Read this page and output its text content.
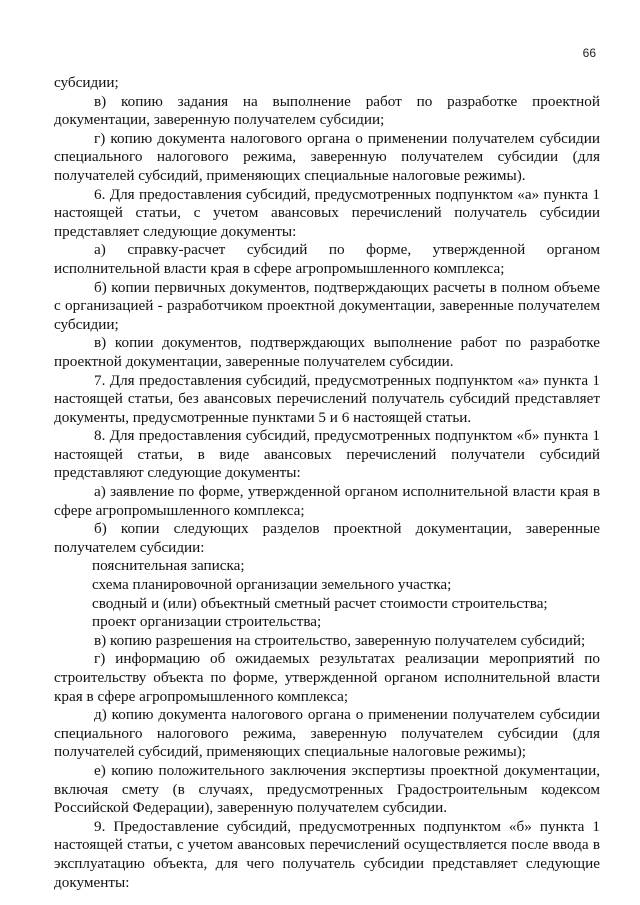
66

субсидии;

в) копию задания на выполнение работ по разработке проектной документации, заверенную получателем субсидии;

г) копию документа налогового органа о применении получателем субсидии специального налогового режима, заверенную получателем субсидии (для получателей субсидий, применяющих специальные налоговые режимы).

6. Для предоставления субсидий, предусмотренных подпунктом «а» пункта 1 настоящей статьи, с учетом авансовых перечислений получатель субсидии представляет следующие документы:

а) справку-расчет субсидий по форме, утвержденной органом исполнительной власти края в сфере агропромышленного комплекса;

б) копии первичных документов, подтверждающих расчеты в полном объеме с организацией - разработчиком проектной документации, заверенные получателем субсидии;

в) копии документов, подтверждающих выполнение работ по разработке проектной документации, заверенные получателем субсидии.

7. Для предоставления субсидий, предусмотренных подпунктом «а» пункта 1 настоящей статьи, без авансовых перечислений получатель субсидий представляет документы, предусмотренные пунктами 5 и 6 настоящей статьи.

8. Для предоставления субсидий, предусмотренных подпунктом «б» пункта 1 настоящей статьи, в виде авансовых перечислений получатели субсидий представляют следующие документы:

а) заявление по форме, утвержденной органом исполнительной власти края в сфере агропромышленного комплекса;

б) копии следующих разделов проектной документации, заверенные получателем субсидии:

пояснительная записка;

схема планировочной организации земельного участка;

сводный и (или) объектный сметный расчет стоимости строительства;

проект организации строительства;

в) копию разрешения на строительство, заверенную получателем субсидий;

г) информацию об ожидаемых результатах реализации мероприятий по строительству объекта по форме, утвержденной органом исполнительной власти края в сфере агропромышленного комплекса;

д) копию документа налогового органа о применении получателем субсидии специального налогового режима, заверенную получателем субсидии (для получателей субсидий, применяющих специальные налоговые режимы);

е) копию положительного заключения экспертизы проектной документации, включая смету (в случаях, предусмотренных Градостроительным кодексом Российской Федерации), заверенную получателем субсидии.

9. Предоставление субсидий, предусмотренных подпунктом «б» пункта 1 настоящей статьи, с учетом авансовых перечислений осуществляется после ввода в эксплуатацию объекта, для чего получатель субсидии представляет следующие документы:
